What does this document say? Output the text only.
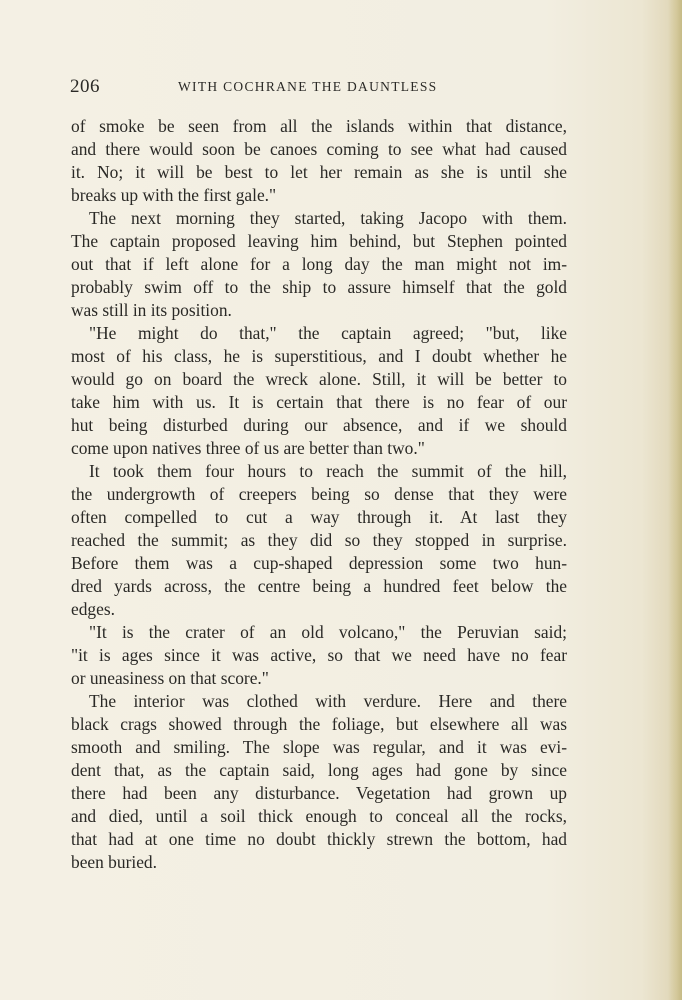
206	WITH COCHRANE THE DAUNTLESS
of smoke be seen from all the islands within that distance,
and there would soon be canoes coming to see what had caused
it. No; it will be best to let her remain as she is until she
breaks up with the first gale."
The next morning they started, taking Jacopo with them.
The captain proposed leaving him behind, but Stephen pointed
out that if left alone for a long day the man might not im-
probably swim off to the ship to assure himself that the gold
was still in its position.
"He might do that," the captain agreed; "but, like
most of his class, he is superstitious, and I doubt whether he
would go on board the wreck alone. Still, it will be better to
take him with us. It is certain that there is no fear of our
hut being disturbed during our absence, and if we should
come upon natives three of us are better than two."
It took them four hours to reach the summit of the hill,
the undergrowth of creepers being so dense that they were
often compelled to cut a way through it. At last they
reached the summit; as they did so they stopped in surprise.
Before them was a cup-shaped depression some two hun-
dred yards across, the centre being a hundred feet below the
edges.
"It is the crater of an old volcano," the Peruvian said;
"it is ages since it was active, so that we need have no fear
or uneasiness on that score."
The interior was clothed with verdure. Here and there
black crags showed through the foliage, but elsewhere all was
smooth and smiling. The slope was regular, and it was evi-
dent that, as the captain said, long ages had gone by since
there had been any disturbance. Vegetation had grown up
and died, until a soil thick enough to conceal all the rocks,
that had at one time no doubt thickly strewn the bottom, had
been buried.
